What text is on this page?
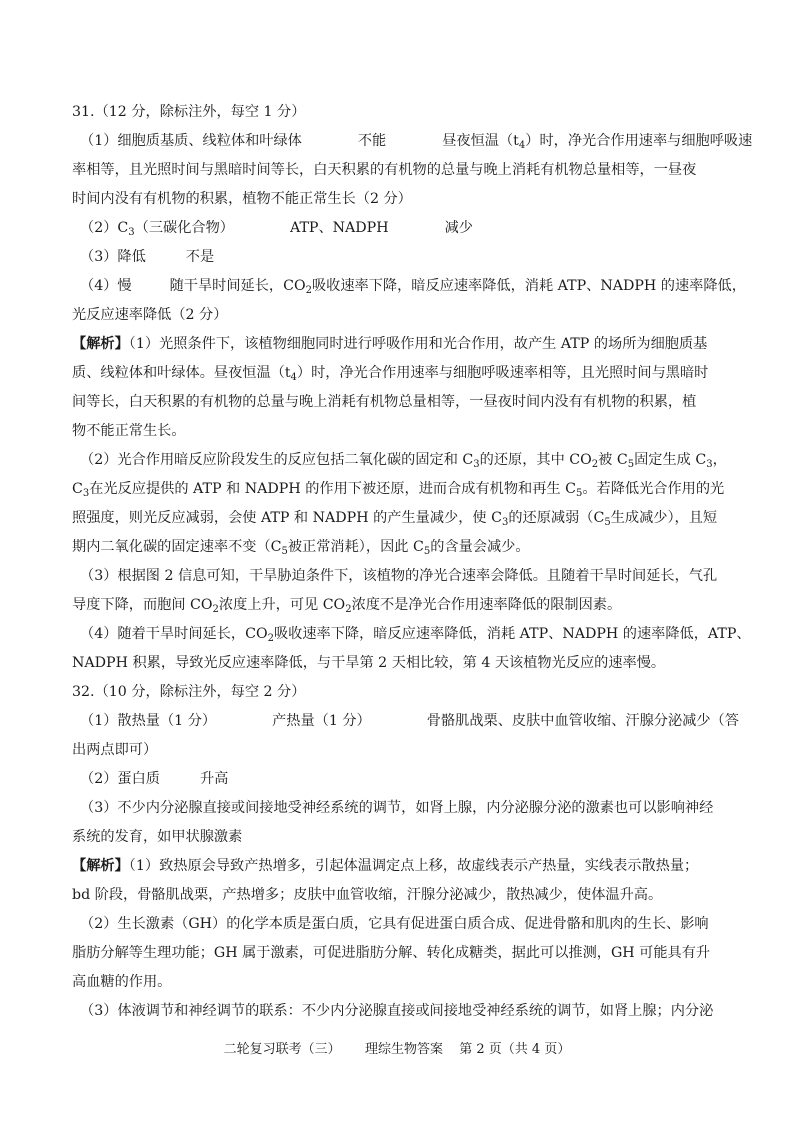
31.（12 分，除标注外，每空 1 分）
（1）细胞质基质、线粒体和叶绿体	不能	昼夜恒温$(t_4)$时，净光合作用速率与细胞呼吸速
率相等，且光照时间与黑暗时间等长，白天积累的有机物的总量与晚上消耗有机物总量相等，一昼夜
时间内没有有机物的积累，植物不能正常生长（2 分）
$(2)C_3$（三碳化合物）	ATP、NADPH	减少
（3）降低	不是
（4）慢	随干旱时间延长，$CO_2$吸收速率下降，暗反应速率降低，消耗 ATP、NADPH 的速率降低，
光反应速率降低（2 分）
【解析】（1）光照条件下，该植物细胞同时进行呼吸作用和光合作用，故产生 ATP 的场所为细胞质基
质、线粒体和叶绿体。昼夜恒温$(t_4)$时，净光合作用速率与细胞呼吸速率相等，且光照时间与黑暗时
间等长，白天积累的有机物的总量与晚上消耗有机物总量相等，一昼夜时间内没有有机物的积累，植
物不能正常生长。
（2）光合作用暗反应阶段发生的反应包括二氧化碳的固定和 $C_3$的还原，其中 $CO_2$被 $C_5$固定生成 $C_3$，
$C_3$在光反应提供的 ATP 和 NADPH 的作用下被还原，进而合成有机物和再生 $C_5$。若降低光合作用的光
照强度，则光反应减弱，会使 ATP 和 NADPH 的产生量减少，使 $C_3$的还原减弱（$C_5$生成减少），且短
期内二氧化碳的固定速率不变（$C_5$被正常消耗），因此 $C_5$的含量会减少。
（3）根据图 2 信息可知，干旱胁迫条件下，该植物的净光合速率会降低。且随着干旱时间延长，气孔
导度下降，而胞间 $CO_2$浓度上升，可见 $CO_2$浓度不是净光合作用速率降低的限制因素。
（4）随着干旱时间延长，$CO_2$吸收速率下降，暗反应速率降低，消耗 ATP、NADPH 的速率降低，ATP、
NADPH 积累，导致光反应速率降低，与干旱第 2 天相比较，第 4 天该植物光反应的速率慢。
32.（10 分，除标注外，每空 2 分）
（1）散热量（1 分）	产热量（1 分）	骨骼肌战栗、皮肤中血管收缩、汗腺分泌减少（答
出两点即可）
（2）蛋白质	升高
（3）不少内分泌腺直接或间接地受神经系统的调节，如肾上腺，内分泌腺分泌的激素也可以影响神经
系统的发育，如甲状腺激素
【解析】（1）致热原会导致产热增多，引起体温调定点上移，故虚线表示产热量，实线表示散热量；
bd 阶段，骨骼肌战栗，产热增多；皮肤中血管收缩，汗腺分泌减少，散热减少，使体温升高。
（2）生长激素（GH）的化学本质是蛋白质，它具有促进蛋白质合成、促进骨骼和肌肉的生长、影响
脂肪分解等生理功能；GH 属于激素，可促进脂肪分解、转化成糖类，据此可以推测，GH 可能具有升
高血糖的作用。
（3）体液调节和神经调节的联系：不少内分泌腺直接或间接地受神经系统的调节，如肾上腺；内分泌
二轮复习联考（三） 理综生物答案 第 2 页（共 4 页）
